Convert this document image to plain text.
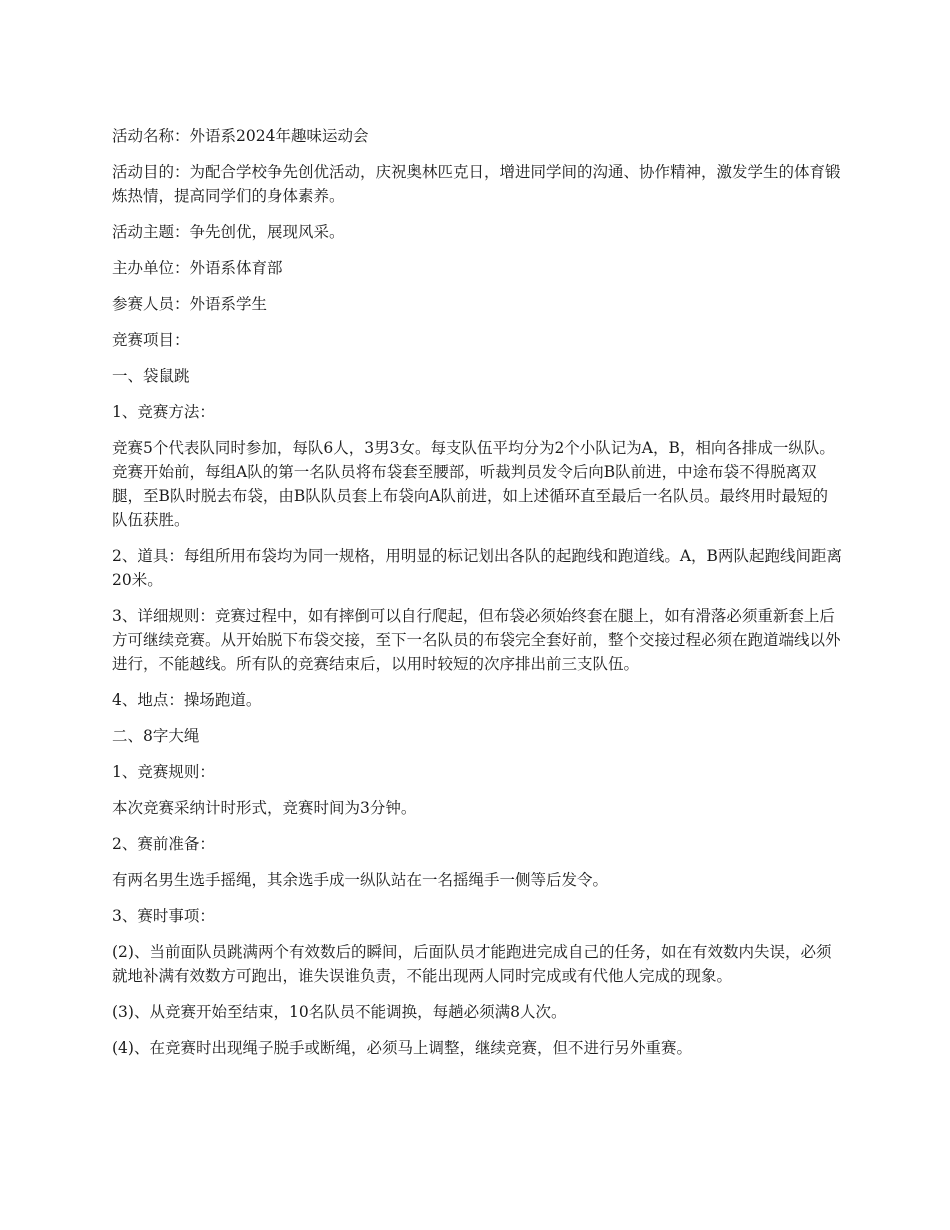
活动名称：外语系2024年趣味运动会

活动目的：为配合学校争先创优活动，庆祝奥林匹克日，增进同学间的沟通、协作精神，激发学生的体育锻炼热情，提高同学们的身体素养。

活动主题：争先创优，展现风采。

主办单位：外语系体育部

参赛人员：外语系学生

竞赛项目：

一、袋鼠跳

1、竞赛方法：

竞赛5个代表队同时参加，每队6人，3男3女。每支队伍平均分为2个小队记为A，B，相向各排成一纵队。竞赛开始前，每组A队的第一名队员将布袋套至腰部，听裁判员发令后向B队前进，中途布袋不得脱离双腿，至B队时脱去布袋，由B队队员套上布袋向A队前进，如上述循环直至最后一名队员。最终用时最短的队伍获胜。

2、道具：每组所用布袋均为同一规格，用明显的标记划出各队的起跑线和跑道线。A，B两队起跑线间距离20米。

3、详细规则：竞赛过程中，如有摔倒可以自行爬起，但布袋必须始终套在腿上，如有滑落必须重新套上后方可继续竞赛。从开始脱下布袋交接，至下一名队员的布袋完全套好前，整个交接过程必须在跑道端线以外进行，不能越线。所有队的竞赛结束后，以用时较短的次序排出前三支队伍。

4、地点：操场跑道。

二、8字大绳

1、竞赛规则：

本次竞赛采纳计时形式，竞赛时间为3分钟。

2、赛前准备：

有两名男生选手摇绳，其余选手成一纵队站在一名摇绳手一侧等后发令。

3、赛时事项：

(2)、当前面队员跳满两个有效数后的瞬间，后面队员才能跑进完成自己的任务，如在有效数内失误，必须就地补满有效数方可跑出，谁失误谁负责，不能出现两人同时完成或有代他人完成的现象。

(3)、从竞赛开始至结束，10名队员不能调换，每趟必须满8人次。

(4)、在竞赛时出现绳子脱手或断绳，必须马上调整，继续竞赛，但不进行另外重赛。
